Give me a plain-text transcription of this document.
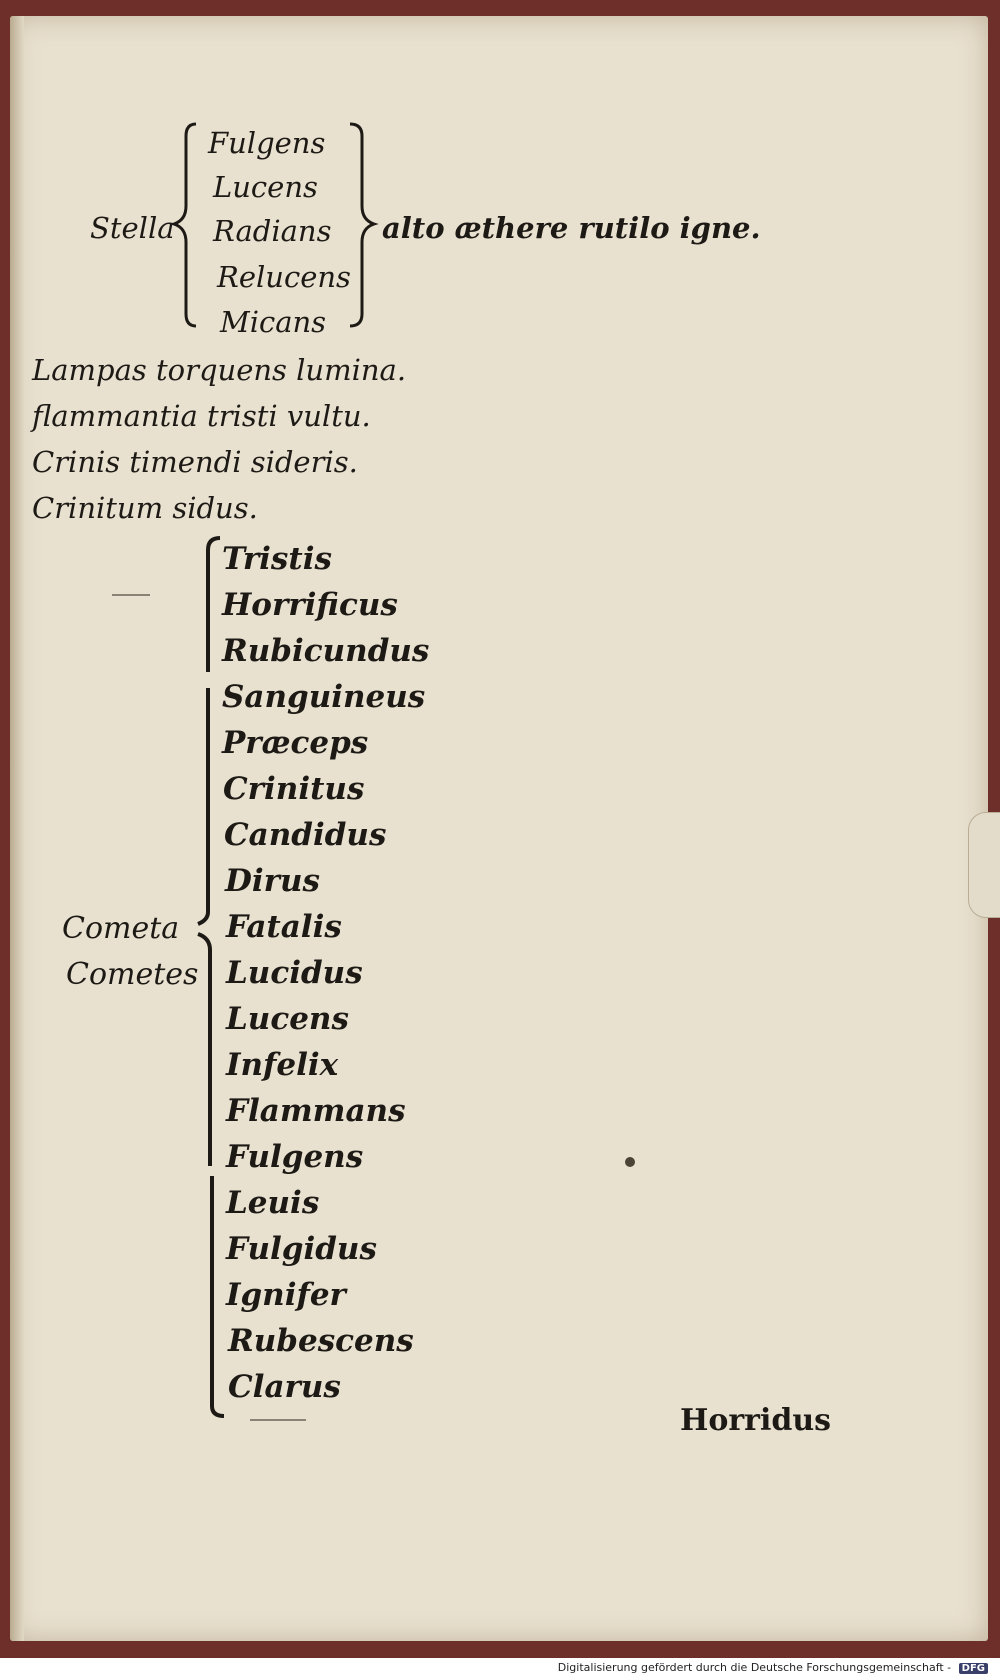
Stella
Fulgens
Lucens
Radians
Relucens
Micans
alto æthere rutilo igne.
Lampas torquens lumina.
flammantia tristi vultu.
Crinis timendi sideris.
Crinitum sidus.
Cometa
Cometes
Tristis
Horrificus
Rubicundus
Sanguineus
Præceps
Crinitus
Candidus
Dirus
Fatalis
Lucidus
Lucens
Infelix
Flammans
Fulgens
Leuis
Fulgidus
Ignifer
Rubescens
Clarus
Horridus
Digitalisierung gefördert durch die Deutsche Forschungsgemeinschaft - DFG
